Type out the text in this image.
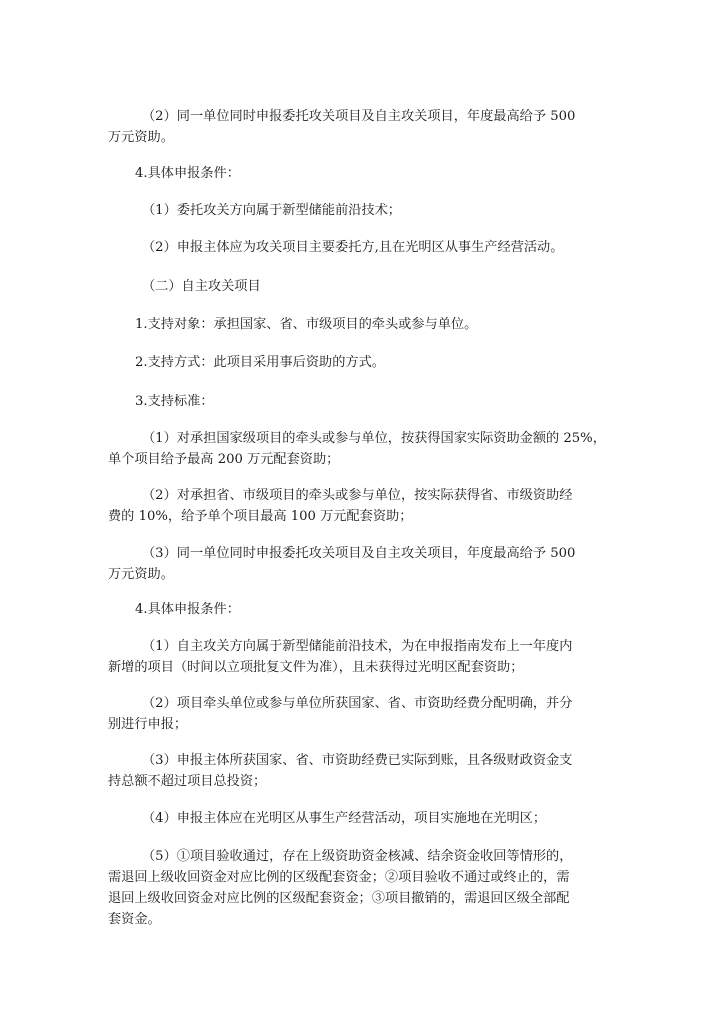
（2）同一单位同时申报委托攻关项目及自主攻关项目，年度最高给予 500
万元资助。

4.具体申报条件：

（1）委托攻关方向属于新型储能前沿技术；

（2）申报主体应为攻关项目主要委托方,且在光明区从事生产经营活动。

（二）自主攻关项目

1.支持对象：承担国家、省、市级项目的牵头或参与单位。

2.支持方式：此项目采用事后资助的方式。

3.支持标准：

（1）对承担国家级项目的牵头或参与单位，按获得国家实际资助金额的 25%，
单个项目给予最高 200 万元配套资助；

（2）对承担省、市级项目的牵头或参与单位，按实际获得省、市级资助经
费的 10%，给予单个项目最高 100 万元配套资助；

（3）同一单位同时申报委托攻关项目及自主攻关项目，年度最高给予 500
万元资助。

4.具体申报条件：

（1）自主攻关方向属于新型储能前沿技术，为在申报指南发布上一年度内
新增的项目（时间以立项批复文件为准），且未获得过光明区配套资助；

（2）项目牵头单位或参与单位所获国家、省、市资助经费分配明确，并分
别进行申报；

（3）申报主体所获国家、省、市资助经费已实际到账，且各级财政资金支
持总额不超过项目总投资；

（4）申报主体应在光明区从事生产经营活动，项目实施地在光明区；

（5）①项目验收通过，存在上级资助资金核减、结余资金收回等情形的，
需退回上级收回资金对应比例的区级配套资金；②项目验收不通过或终止的，需
退回上级收回资金对应比例的区级配套资金；③项目撤销的，需退回区级全部配
套资金。
